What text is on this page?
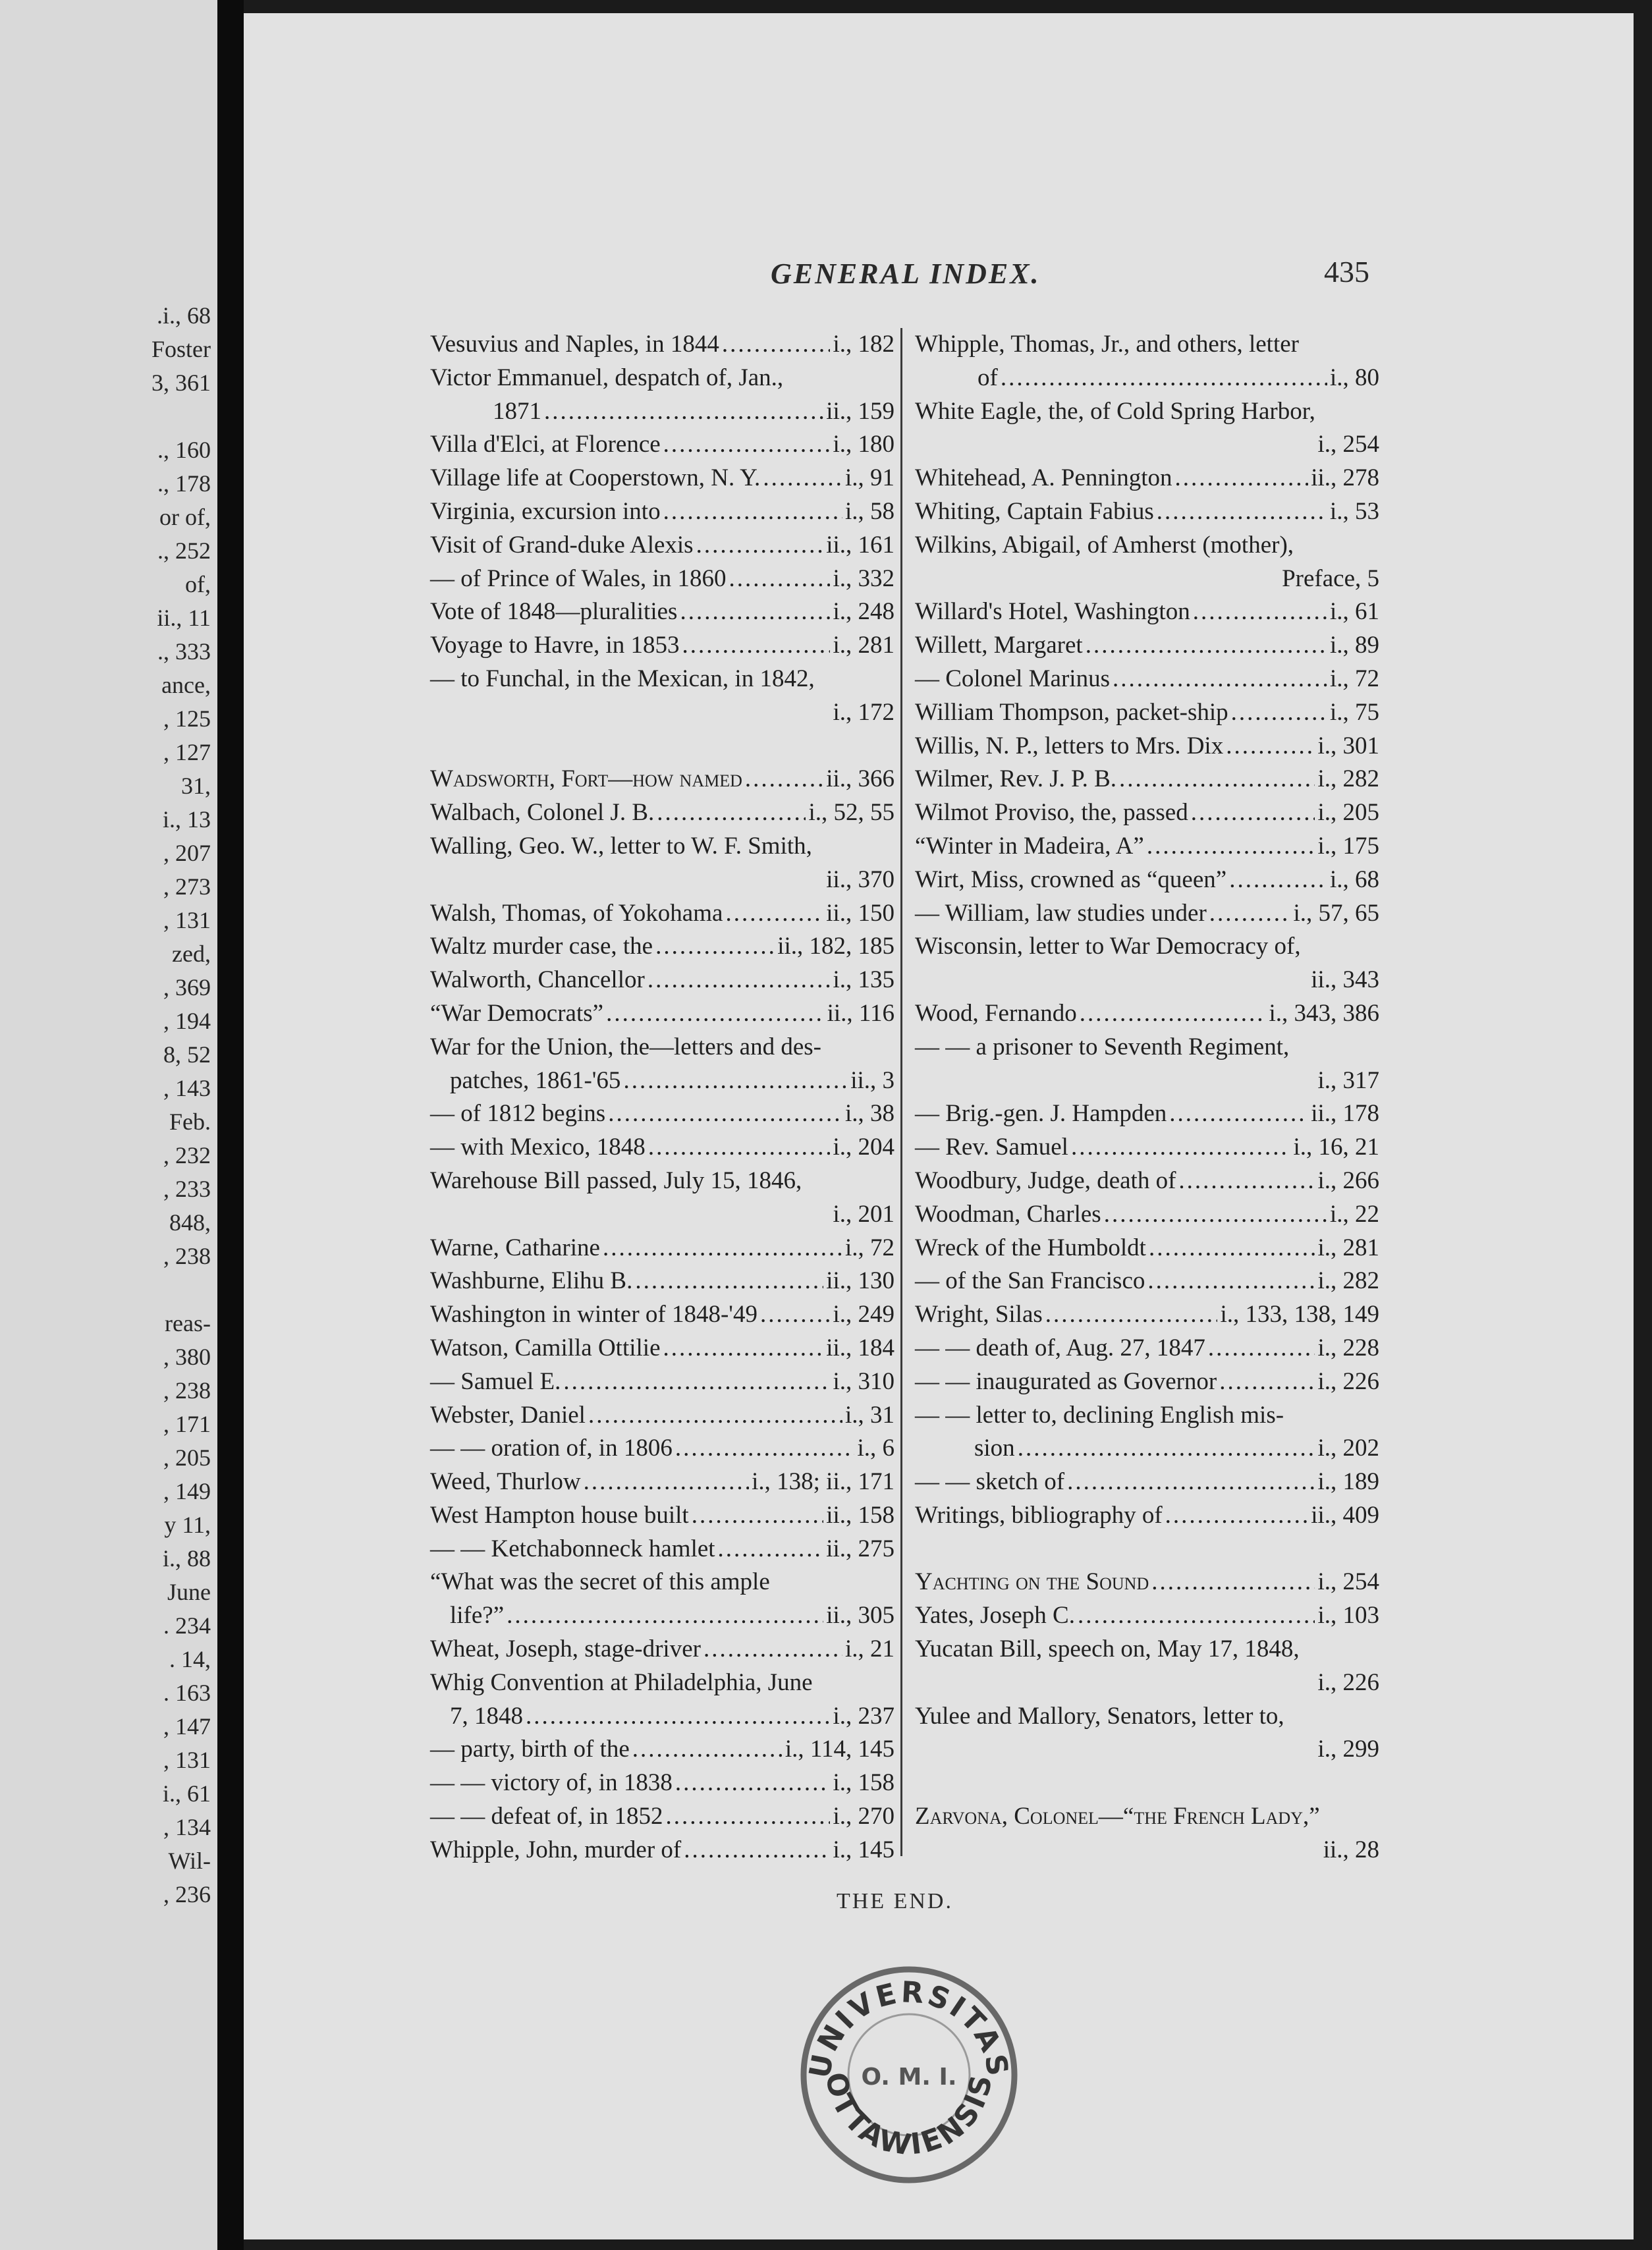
.i., 68
Foster
3, 361
., 160
., 178
or of,
., 252
of,
ii., 11
., 333
ance,
, 125
, 127
31,
i., 13
, 207
, 273
, 131
zed,
, 369
, 194
8, 52
, 143
Feb.
, 232
, 233
848,
, 238
reas-
, 380
, 238
, 171
, 205
, 149
y 11,
i., 88
June
. 234
. 14,
. 163
, 147
, 131
i., 61
, 134
Wil-
, 236
GENERAL INDEX.	435
Vesuvius and Naples, in 1844 .....	i., 182
Victor Emmanuel, despatch of, Jan.,
1871 .....	ii., 159
Villa d'Elci, at Florence .....	i., 180
Village life at Cooperstown, N. Y. .....	i., 91
Virginia, excursion into .....	i., 58
Visit of Grand-duke Alexis .....	ii., 161
— of Prince of Wales, in 1860 .....	i., 332
Vote of 1848—pluralities .....	i., 248
Voyage to Havre, in 1853 .....	i., 281
— to Funchal, in the Mexican, in 1842,
i., 172
Wadsworth, Fort—how named .....	ii., 366
Walbach, Colonel J. B. .....	i., 52, 55
Walling, Geo. W., letter to W. F. Smith,
ii., 370
Walsh, Thomas, of Yokohama .....	ii., 150
Waltz murder case, the .....	ii., 182, 185
Walworth, Chancellor .....	i., 135
“War Democrats” .....	ii., 116
War for the Union, the—letters and des-
patches, 1861-'65 .....	ii., 3
— of 1812 begins .....	i., 38
— with Mexico, 1848 .....	i., 204
Warehouse Bill passed, July 15, 1846,
i., 201
Warne, Catharine .....	i., 72
Washburne, Elihu B. .....	ii., 130
Washington in winter of 1848-'49 .....	i., 249
Watson, Camilla Ottilie .....	ii., 184
— Samuel E. .....	i., 310
Webster, Daniel .....	i., 31
— — oration of, in 1806 .....	i., 6
Weed, Thurlow .....	i., 138; ii., 171
West Hampton house built .....	ii., 158
— — Ketchabonneck hamlet .....	ii., 275
“What was the secret of this ample
life?” .....	ii., 305
Wheat, Joseph, stage-driver .....	i., 21
Whig Convention at Philadelphia, June
7, 1848 .....	i., 237
— party, birth of the .....	i., 114, 145
— — victory of, in 1838 .....	i., 158
— — defeat of, in 1852 .....	i., 270
Whipple, John, murder of .....	i., 145
Whipple, Thomas, Jr., and others, letter
of .....	i., 80
White Eagle, the, of Cold Spring Harbor,
i., 254
Whitehead, A. Pennington .....	ii., 278
Whiting, Captain Fabius .....	i., 53
Wilkins, Abigail, of Amherst (mother),
Preface, 5
Willard's Hotel, Washington .....	i., 61
Willett, Margaret .....	i., 89
— Colonel Marinus .....	i., 72
William Thompson, packet-ship .....	i., 75
Willis, N. P., letters to Mrs. Dix .....	i., 301
Wilmer, Rev. J. P. B. .....	i., 282
Wilmot Proviso, the, passed .....	i., 205
“Winter in Madeira, A” .....	i., 175
Wirt, Miss, crowned as “queen” .....	i., 68
— William, law studies under .....	i., 57, 65
Wisconsin, letter to War Democracy of,
ii., 343
Wood, Fernando .....	i., 343, 386
— — a prisoner to Seventh Regiment,
i., 317
— Brig.-gen. J. Hampden .....	ii., 178
— Rev. Samuel .....	i., 16, 21
Woodbury, Judge, death of .....	i., 266
Woodman, Charles .....	i., 22
Wreck of the Humboldt .....	i., 281
— of the San Francisco .....	i., 282
Wright, Silas .....	i., 133, 138, 149
— — death of, Aug. 27, 1847 .....	i., 228
— — inaugurated as Governor .....	i., 226
— — letter to, declining English mis-
sion .....	i., 202
— — sketch of .....	i., 189
Writings, bibliography of .....	ii., 409
Yachting on the Sound .....	i., 254
Yates, Joseph C. .....	i., 103
Yucatan Bill, speech on, May 17, 1848,
i., 226
Yulee and Mallory, Senators, letter to,
i., 299
Zarvona, Colonel—“the French Lady,”
ii., 28
THE END.
UNIVERSITAS
O. M. I.
OTTAWIENSIS
